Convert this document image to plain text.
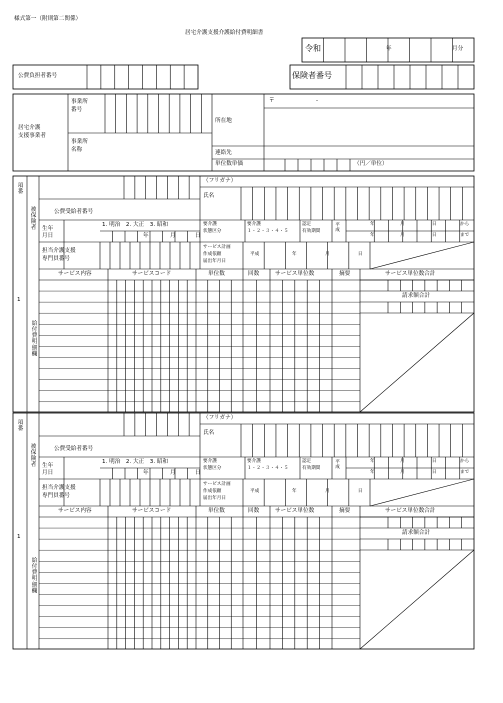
様式第一（附則第二関係）
居宅介護支援介護給付費明細書
令和	年	月分
公費負担者番号	保険者番号
居宅介護
支援事業者
事業所
番号
事業所
名称
所在地
〒	-
連絡先
単位数単価	（円／単位）
項番
1
被保険者
給付費明細欄
公費受給者番号
（フリガナ）
氏名
生年
月日
1. 明治　2. 大正　3. 昭和
年	月	日
要介護
状態区分
要介護
１・２・３・４・５
認定
有効期間	平成	年	月	日	から
年	月	日	まで
担当介護支援
専門員番号
サービス計画
作成依頼
届出年月日
平成	年	月	日
サービス内容	サービスコード	単位数	回数	サービス単位数	摘要	サービス単位数合計
請求額合計
項番
1
被保険者
給付費明細欄
公費受給者番号
（フリガナ）
氏名
生年
月日
1. 明治　2. 大正　3. 昭和
年	月	日
要介護
状態区分
要介護
１・２・３・４・５
認定
有効期間	平成	年	月	日	から
年	月	日	まで
担当介護支援
専門員番号
サービス計画
作成依頼
届出年月日
平成	年	月	日
サービス内容	サービスコード	単位数	回数	サービス単位数	摘要	サービス単位数合計
請求額合計
